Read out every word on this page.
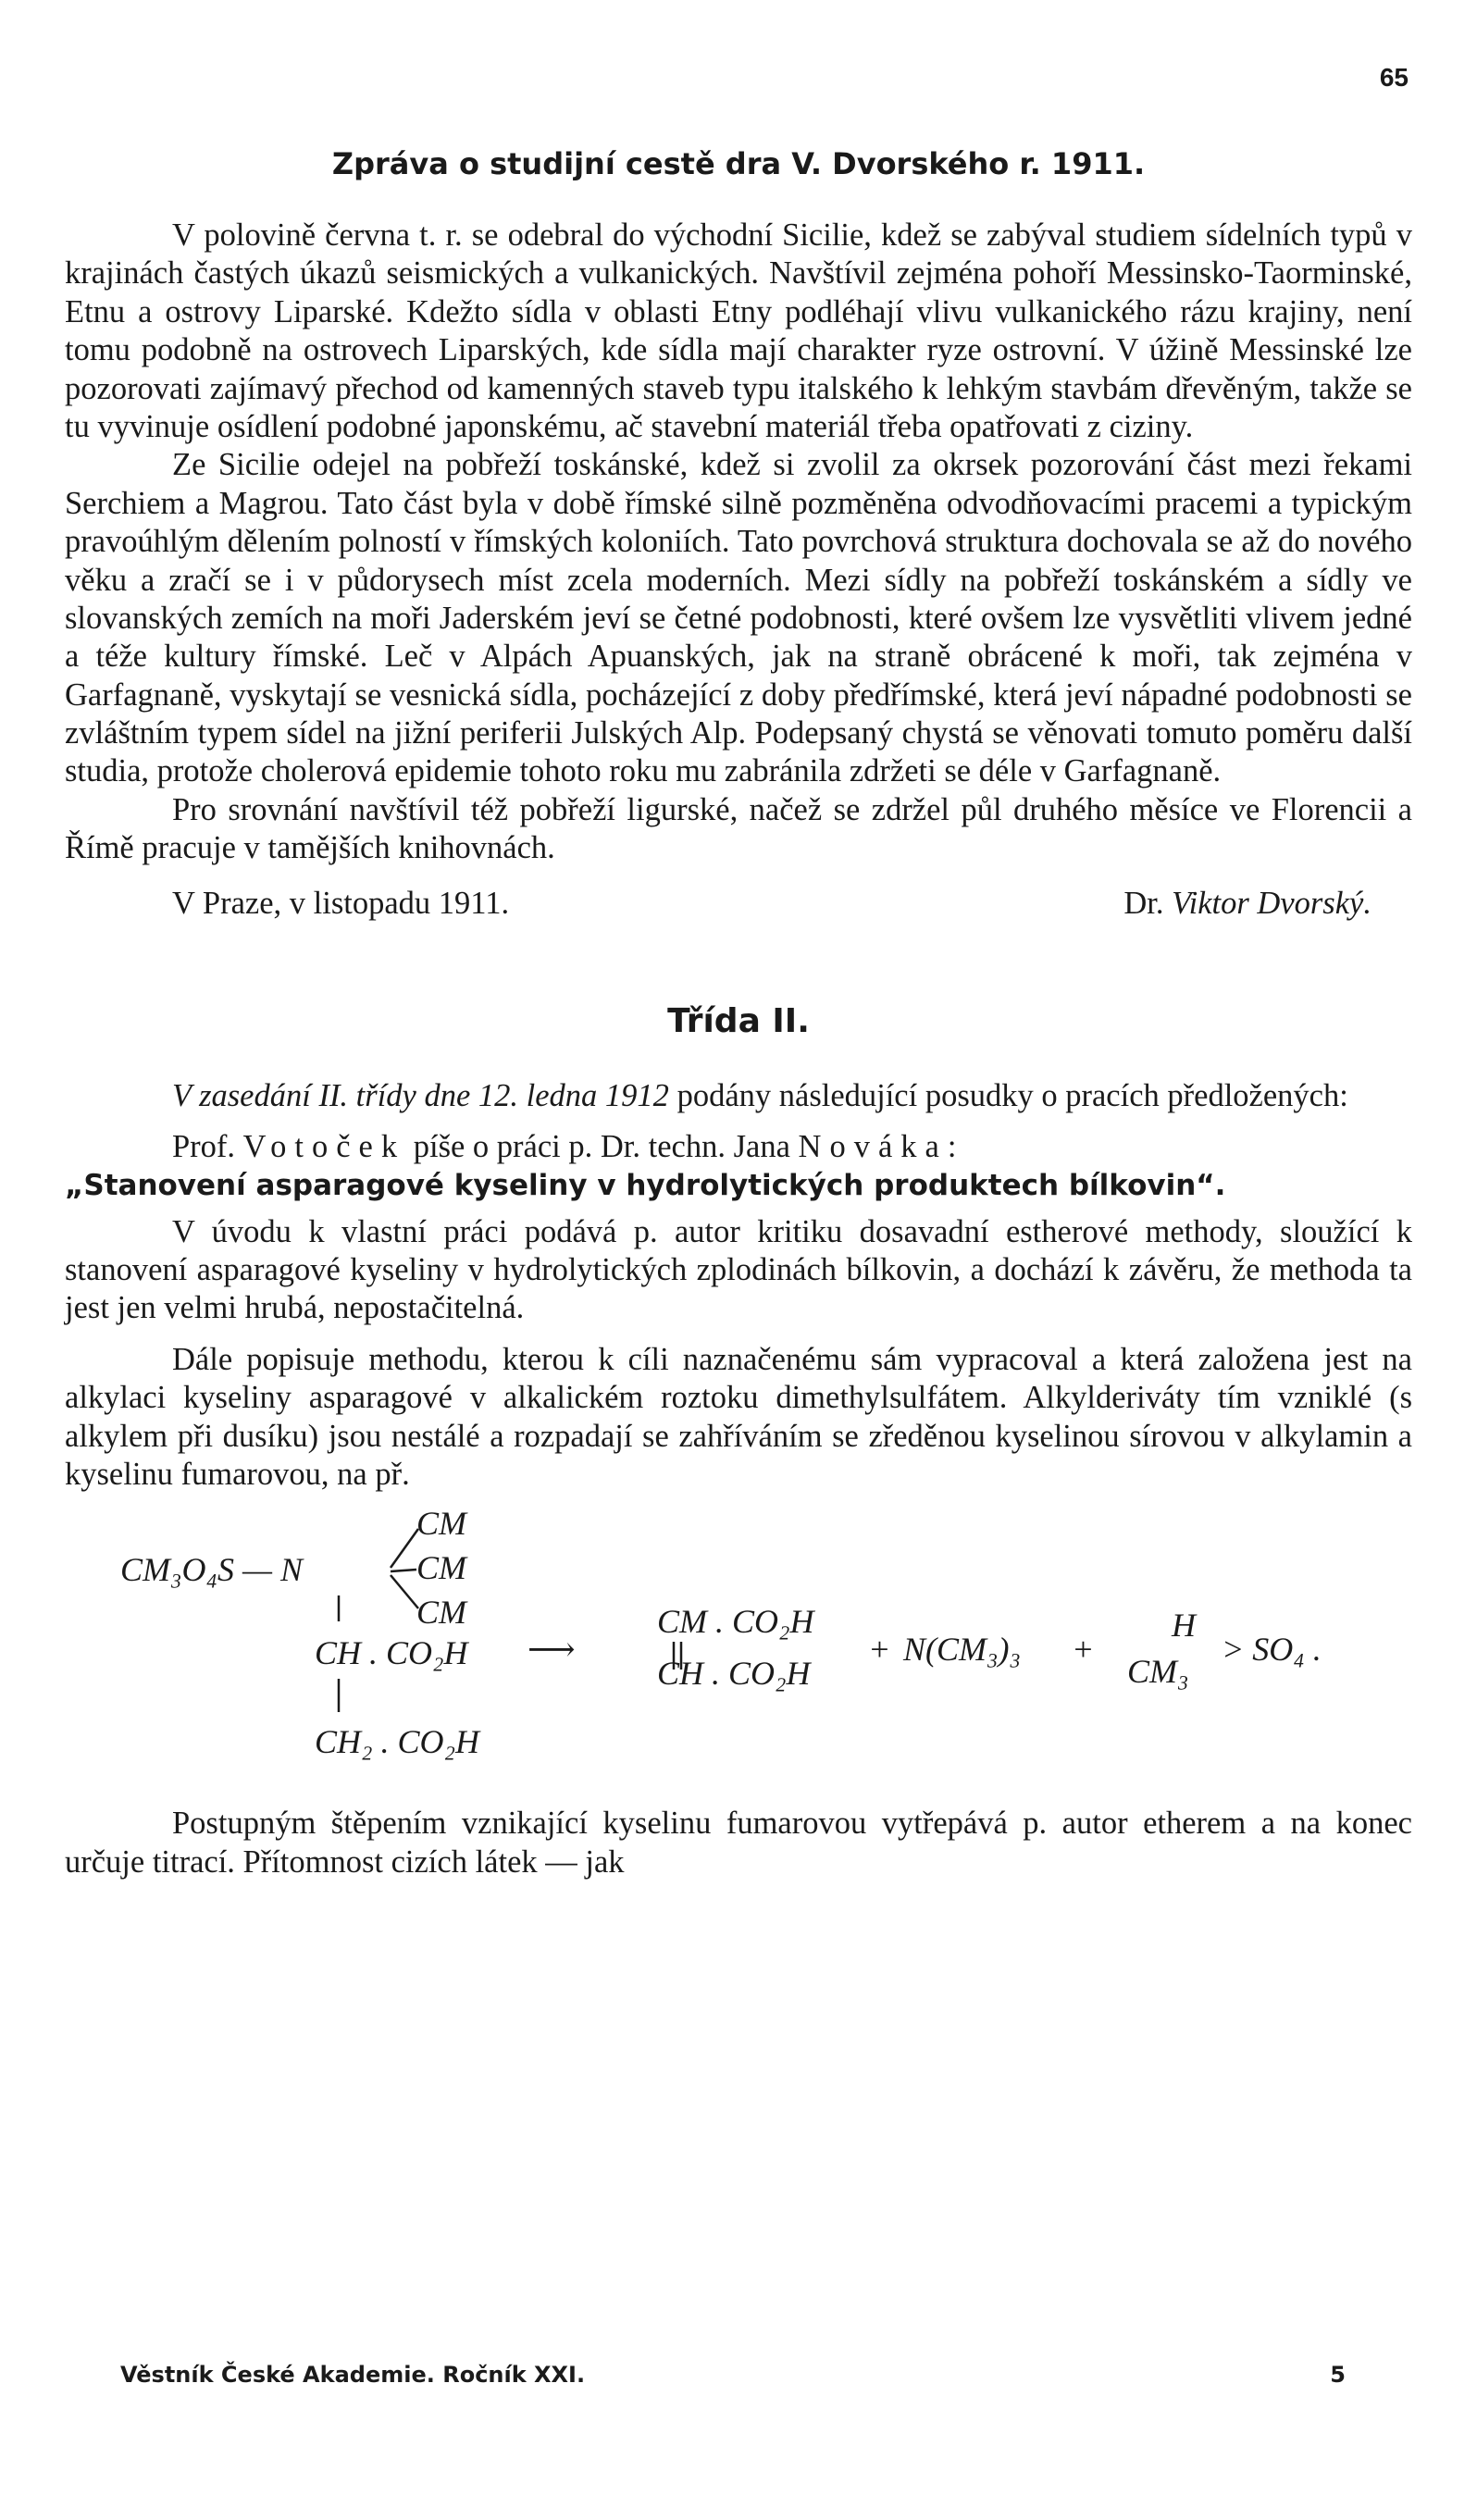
65
Zpráva o studijní cestě dra V. Dvorského r. 1911.

V polovině června t. r. se odebral do východní Sicilie, kdež se zabýval studiem sídelních typů v krajinách častých úkazů seismických a vulkanických. Navštívil zejména pohoří Messinsko-Taorminské, Etnu a ostrovy Liparské. Kdežto sídla v oblasti Etny podléhají vlivu vulkanického rázu krajiny, není tomu podobně na ostrovech Liparských, kde sídla mají charakter ryze ostrovní. V úžině Messinské lze pozorovati zajímavý přechod od kamenných staveb typu italského k lehkým stavbám dřevěným, takže se tu vyvinuje osídlení podobné japonskému, ač stavební materiál třeba opatřovati z ciziny.

Ze Sicilie odejel na pobřeží toskánské, kdež si zvolil za okrsek pozorování část mezi řekami Serchiem a Magrou. Tato část byla v době římské silně pozměněna odvodňovacími pracemi a typickým pravoúhlým dělením polností v římských koloniích. Tato povrchová struktura dochovala se až do nového věku a zračí se i v půdorysech míst zcela moderních. Mezi sídly na pobřeží toskánském a sídly ve slovanských zemích na moři Jaderském jeví se četné podobnosti, které ovšem lze vysvětliti vlivem jedné a téže kultury římské. Leč v Alpách Apuanských, jak na straně obrácené k moři, tak zejména v Garfagnaně, vyskytají se vesnická sídla, pocházející z doby předřímské, která jeví nápadné podobnosti se zvláštním typem sídel na jižní periferii Julských Alp. Podepsaný chystá se věnovati tomuto poměru další studia, protože cholerová epidemie tohoto roku mu zabránila zdržeti se déle v Garfagnaně.

Pro srovnání navštívil též pobřeží ligurské, načež se zdržel půl druhého měsíce ve Florencii a Římě pracuje v tamějších knihovnách.

V Praze, v listopadu 1911.	Dr. Viktor Dvorský.
Třída II.

V zasedání II. třídy dne 12. ledna 1912 podány následující posudky o pracích předložených:

Prof. Votoček píše o práci p. Dr. techn. Jana Nováka:

„Stanovení asparagové kyseliny v hydrolytických produktech bílkovin“.

V úvodu k vlastní práci podává p. autor kritiku dosavadní estherové methody, sloužící k stanovení asparagové kyseliny v hydrolytických zplodinách bílkovin, a dochází k závěru, že methoda ta jest jen velmi hrubá, nepostačitelná.

Dále popisuje methodu, kterou k cíli naznačenému sám vypracoval a která založena jest na alkylaci kyseliny asparagové v alkalickém roztoku dimethylsulfátem. Alkylderiváty tím vzniklé (s alkylem při dusíku) jsou nestálé a rozpadají se zahříváním se zředěnou kyselinou sírovou v alkylamin a kyselinu fumarovou, na př.

CM₃O₄S — N
CM
CM
CM
CH . CO₂H
CH₂ . CO₂H
⟶
CM . CO₂H
CH . CO₂H
+ N(CM₃)₃ +
H
CM₃
> SO₄ .

Postupným štěpením vznikající kyselinu fumarovou vytřepává p. autor etherem a na konec určuje titrací. Přítomnost cizích látek — jak

Věstník České Akademie. Ročník XXI.	5
